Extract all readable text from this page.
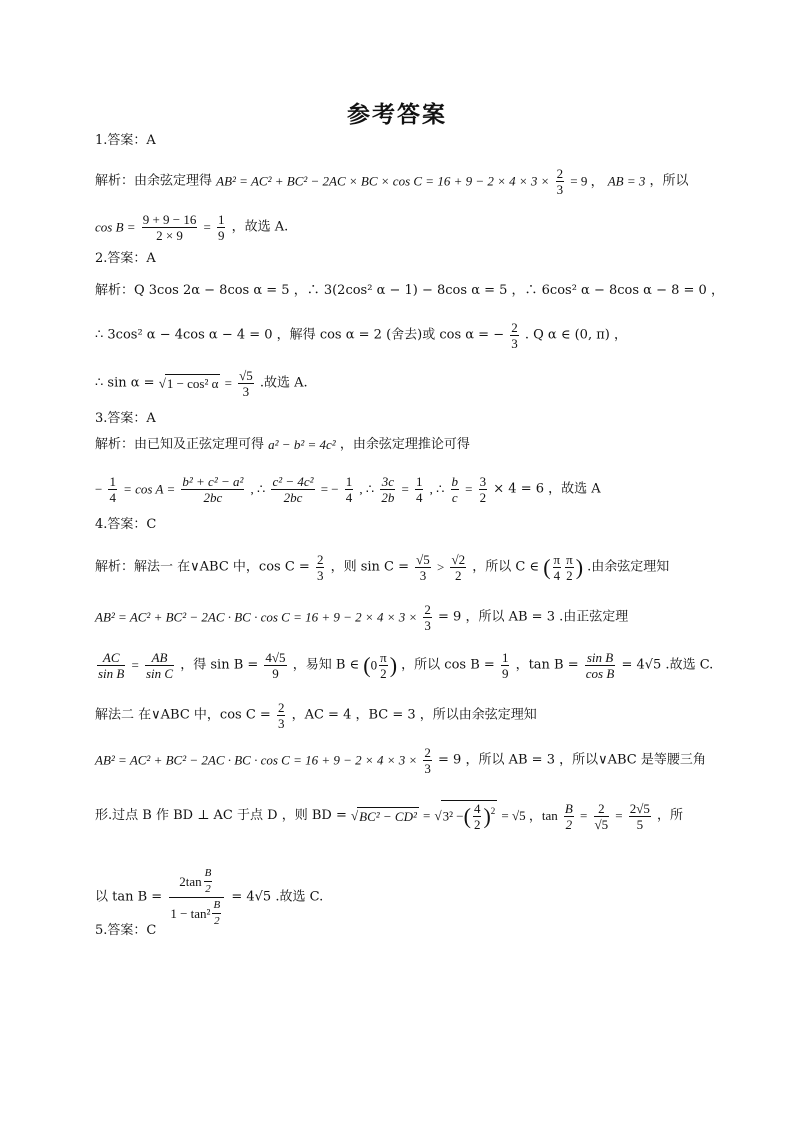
参考答案
1.答案：A
解析：由余弦定理得 AB² = AC² + BC² − 2AC × BC × $\cos C = 16 + 9 - 2 \times 4 \times 3 \times \frac{2}{3} = 9$ ， AB = 3 ，所以
$\cos B = \frac{9 + 9 - 16}{2 \times 9} = \frac{1}{9}$ ，故选 A.
2.答案：A
解析：Q 3cos 2α − 8cos α = 5 ，∴ 3(2cos² α − 1) − 8cos α = 5 ，∴ 6cos² α − 8cos α − 8 = 0 ，
∴ 3cos² α − 4cos α − 4 = 0 ，解得 cos α = 2 (舍去)或 cos α = − $\frac{2}{3}$ . Q α ∈ (0, π) ，
∴ sin α = √1 − cos² $\alpha = \frac{√5}{3}$ .故选 A.
3.答案：A
解析：由已知及正弦定理可得 a² − b² = 4c² ，由余弦定理推论可得
− $\frac{1}{4} = \cos A = \frac{\text{b² + c² − a²}}{2bc}$ , ∴ $\frac{\text{c² − 4c²}}{2bc}$ = − $\frac{1}{4}$ , ∴ $\frac{3c}{2b} = \frac{1}{4}$ , ∴ $\frac{b}{c} = \frac{3}{2} \times 4 = 6$ ，故选 A
4.答案：C
解析：解法一 在∨ABC 中，$\cos C = \frac{2}{3}$ ，则 $\sin C = \frac{√5}{3} > \frac{√2}{2}$ ，所以 C ∈ ( $\frac{\pi}{4} \frac{\pi}{2}$ ) .由余弦定理知
AB² = AC² + BC² − 2AC · BC · $\cos C = 16 + 9 - 2 \times 4 \times 3 \times \frac{2}{3} = 9$ ，所以 AB = 3 .由正弦定理
$\frac{AC}{\text{sin B}} = \frac{AB}{\text{sin C}}$ ，得 $\sin B = \frac{4√5}{9}$ ，易知 B ∈ ($0 \frac{\pi}{2}$ ) ，所以 $\cos B = \frac{1}{9}$ ，$\tan B = \frac{\text{sin B}}{\text{cos B}} = 4√5$ .故选 C.
解法二 在∨ABC 中，$\cos C = \frac{2}{3}$ ，AC = 4 ，BC = 3 ，所以由余弦定理知
AB² = AC² + BC² − 2AC · BC · $\cos C = 16 + 9 - 2 \times 4 \times 3 \times \frac{2}{3} = 9$ ，所以 AB = 3 ，所以∨ABC 是等腰三角
形.过点 B 作 BD ⊥ AC 于点 D ，则 BD = √BC² − CD² = √3² −( $\frac{4}{2} )^2 = √5$ ，$\tan \frac{B}{2} = \frac{2}{√5} = \frac{2√5}{5}$ ，所
以 $\tan B = \frac{2\tan \frac{B}{2}}{1 - \tan^2 \frac{B}{2}} = 4√5$ .故选 C.
5.答案：C
